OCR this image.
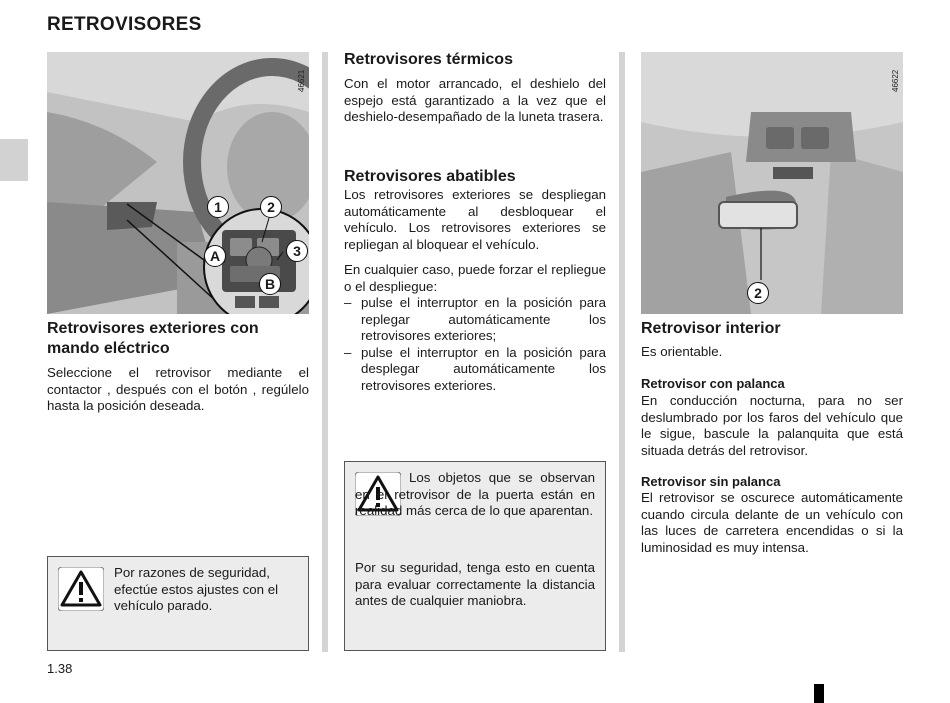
RETROVISORES
1	2
3
A
B
46621
Retrovisores exteriores con mando eléctrico

Seleccione el retrovisor mediante el contactor , después con el botón , regúlelo hasta la posición deseada.

Por razones de seguridad, efectúe estos ajustes con el vehículo parado.

Retrovisores térmicos

Con el motor arrancado, el deshielo del espejo está garantizado a la vez que el deshielo-desempañado de la luneta trasera.

Retrovisores abatibles

Los retrovisores exteriores se despliegan automáticamente al desbloquear el vehículo. Los retrovisores exteriores se repliegan al bloquear el vehículo.

En cualquier caso, puede forzar el repliegue o el despliegue:

– pulse el interruptor en la posición para replegar automáticamente los retrovisores exteriores;
– pulse el interruptor en la posición para desplegar automáticamente los retrovisores exteriores.

Los objetos que se observan en el retrovisor de la puerta están en realidad más cerca de lo que aparentan.

Por su seguridad, tenga esto en cuenta para evaluar correctamente la distancia antes de cualquier maniobra.

2
46622
Retrovisor interior

Es orientable.

Retrovisor con palanca

En conducción nocturna, para no ser deslumbrado por los faros del vehículo que le sigue, bascule la palanquita que está situada detrás del retrovisor.

Retrovisor sin palanca

El retrovisor se oscurece automáticamente cuando circula delante de un vehículo con las luces de carretera encendidas o si la luminosidad es muy intensa.

1.38
